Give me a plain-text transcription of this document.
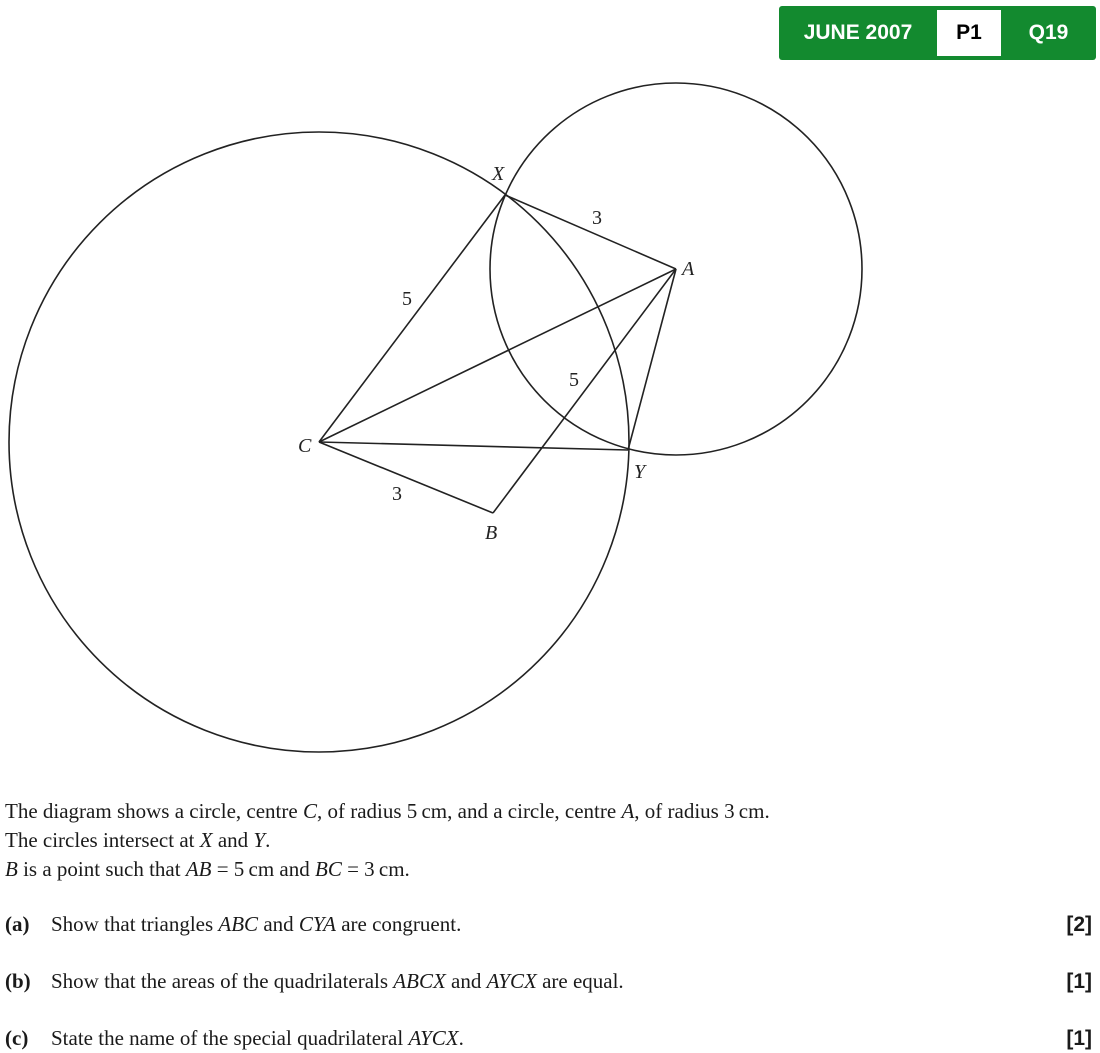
JUNE 2007	P1	Q19
X
A
C
Y
B
3
5
5
3

The diagram shows a circle, centre C, of radius 5 cm, and a circle, centre A, of radius 3 cm.

The circles intersect at X and Y.

B is a point such that AB = 5 cm and BC = 3 cm.

(a) Show that triangles ABC and CYA are congruent.	[2]
(b) Show that the areas of the quadrilaterals ABCX and AYCX are equal.	[1]
(c) State the name of the special quadrilateral AYCX.	[1]
